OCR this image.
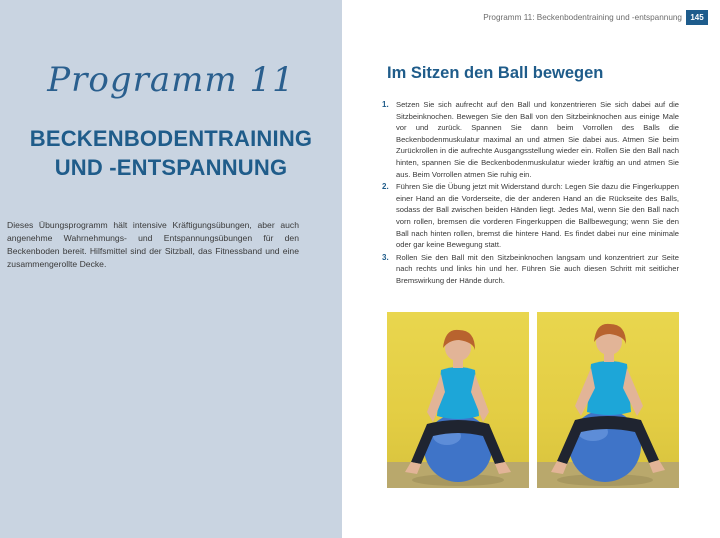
Programm 11
BECKENBODENTRAINING
UND -ENTSPANNUNG

Dieses Übungsprogramm hält intensive Kräftigungsübungen, aber auch angenehme Wahrnehmungs- und Entspannungsübungen für den Beckenboden bereit. Hilfsmittel sind der Sitzball, das Fitnessband und eine zusammengerollte Decke.

Programm 11: Beckenbodentraining und -entspannung	145
Im Sitzen den Ball bewegen
1. Setzen Sie sich aufrecht auf den Ball und konzentrieren Sie sich dabei auf die Sitzbeinknochen. Bewegen Sie den Ball von den Sitzbeinknochen aus einige Male vor und zurück. Spannen Sie dann beim Vorrollen des Balls die Beckenbodenmuskulatur maximal an und atmen Sie dabei aus. Atmen Sie beim Zurückrollen in die aufrechte Ausgangsstellung wieder ein. Rollen Sie den Ball nach hinten, spannen Sie die Beckenbodenmuskulatur wieder kräftig an und atmen Sie aus. Beim Vorrollen atmen Sie ruhig ein.
2. Führen Sie die Übung jetzt mit Widerstand durch: Legen Sie dazu die Fingerkuppen einer Hand an die Vorderseite, die der anderen Hand an die Rückseite des Balls, sodass der Ball zwischen beiden Händen liegt. Jedes Mal, wenn Sie den Ball nach vorn rollen, bremsen die vorderen Fingerkuppen die Ballbewegung; wenn Sie den Ball nach hinten rollen, bremst die hintere Hand. Es findet dabei nur eine minimale oder gar keine Bewegung statt.
3. Rollen Sie den Ball mit den Sitzbeinknochen langsam und konzentriert zur Seite nach rechts und links hin und her. Führen Sie auch diesen Schritt mit seitlicher Bremswirkung der Hände durch.
